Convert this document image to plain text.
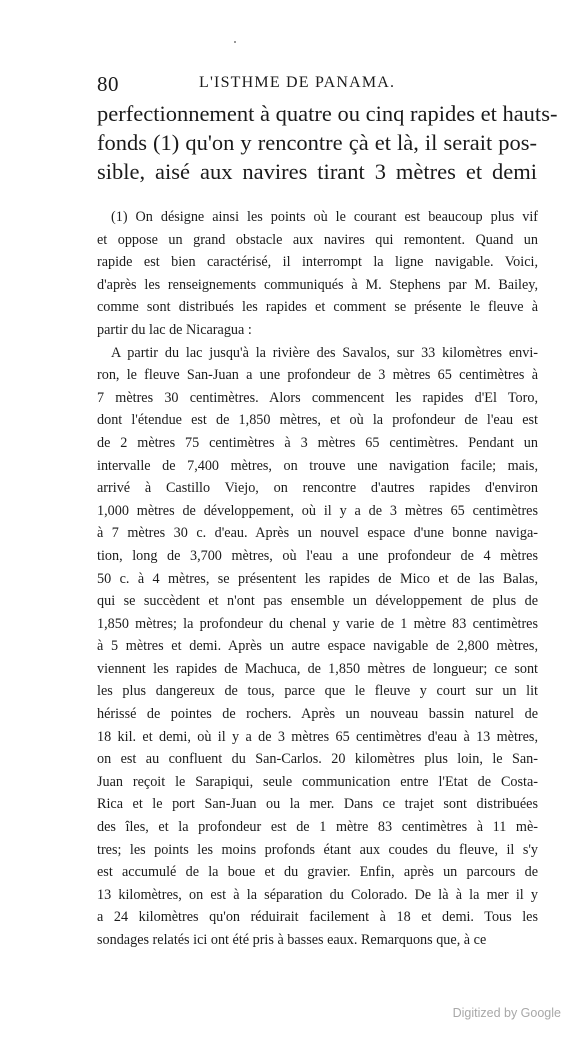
80	L'ISTHME DE PANAMA.
perfectionnement à quatre ou cinq rapides et hauts-
fonds (1) qu'on y rencontre çà et là, il serait pos-
sible, aisé aux navires tirant 3 mètres et demi
(1) On désigne ainsi les points où le courant est beaucoup plus vif
et oppose un grand obstacle aux navires qui remontent. Quand un
rapide est bien caractérisé, il interrompt la ligne navigable. Voici,
d'après les renseignements communiqués à M. Stephens par M. Bailey,
comme sont distribués les rapides et comment se présente le fleuve à
partir du lac de Nicaragua :
A partir du lac jusqu'à la rivière des Savalos, sur 33 kilomètres envi-
ron, le fleuve San-Juan a une profondeur de 3 mètres 65 centimètres à
7 mètres 30 centimètres. Alors commencent les rapides d'El Toro,
dont l'étendue est de 1,850 mètres, et où la profondeur de l'eau est
de 2 mètres 75 centimètres à 3 mètres 65 centimètres. Pendant un
intervalle de 7,400 mètres, on trouve une navigation facile; mais,
arrivé à Castillo Viejo, on rencontre d'autres rapides d'environ
1,000 mètres de développement, où il y a de 3 mètres 65 centimètres
à 7 mètres 30 c. d'eau. Après un nouvel espace d'une bonne naviga-
tion, long de 3,700 mètres, où l'eau a une profondeur de 4 mètres
50 c. à 4 mètres, se présentent les rapides de Mico et de las Balas,
qui se succèdent et n'ont pas ensemble un développement de plus de
1,850 mètres; la profondeur du chenal y varie de 1 mètre 83 centimètres
à 5 mètres et demi. Après un autre espace navigable de 2,800 mètres,
viennent les rapides de Machuca, de 1,850 mètres de longueur; ce sont
les plus dangereux de tous, parce que le fleuve y court sur un lit
hérissé de pointes de rochers. Après un nouveau bassin naturel de
18 kil. et demi, où il y a de 3 mètres 65 centimètres d'eau à 13 mètres,
on est au confluent du San-Carlos. 20 kilomètres plus loin, le San-
Juan reçoit le Sarapiqui, seule communication entre l'Etat de Costa-
Rica et le port San-Juan ou la mer. Dans ce trajet sont distribuées
des îles, et la profondeur est de 1 mètre 83 centimètres à 11 mè-
tres; les points les moins profonds étant aux coudes du fleuve, il s'y
est accumulé de la boue et du gravier. Enfin, après un parcours de
13 kilomètres, on est à la séparation du Colorado. De là à la mer il y
a 24 kilomètres qu'on réduirait facilement à 18 et demi. Tous les
sondages relatés ici ont été pris à basses eaux. Remarquons que, à ce
Digitized by Google
